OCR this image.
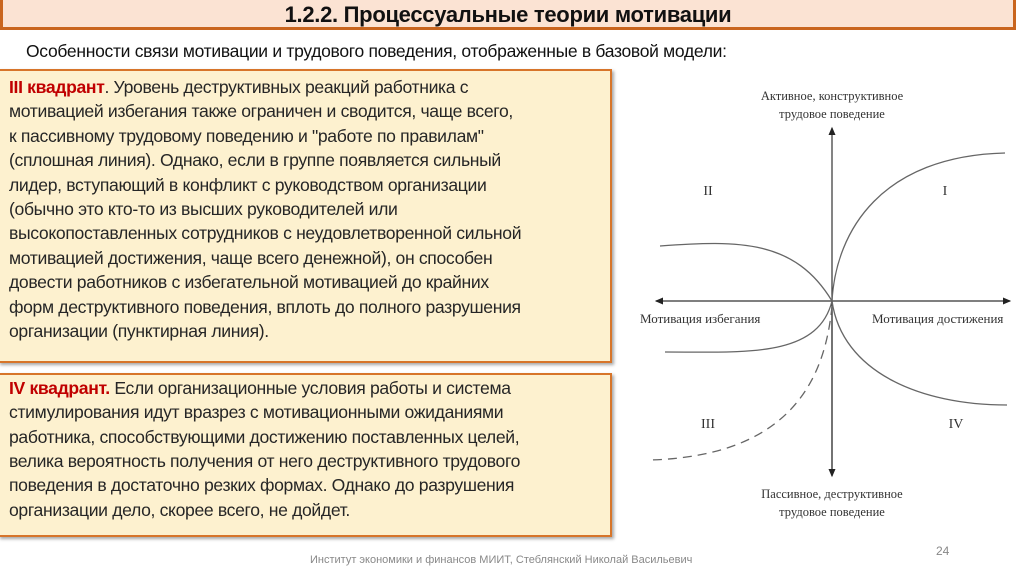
1.2.2. Процессуальные теории мотивации
Особенности связи мотивации и трудового поведения, отображенные в базовой модели:
III квадрант. Уровень деструктивных реакций работника с
мотивацией избегания также ограничен и сводится, чаще всего,
к пассивному трудовому поведению и "работе по правилам"
(сплошная линия). Однако, если в группе появляется сильный
лидер, вступающий в конфликт с руководством организации
(обычно это кто-то из высших руководителей или
высокопоставленных сотрудников с неудовлетворенной сильной
мотивацией достижения, чаще всего денежной), он способен
довести работников с избегательной мотивацией до крайних
форм деструктивного поведения, вплоть до полного разрушения
организации (пунктирная линия).
IV квадрант. Если организационные условия работы и система
стимулирования идут вразрез с мотивационными ожиданиями
работника, способствующими достижению поставленных целей,
велика вероятность получения от него деструктивного трудового
поведения в достаточно резких формах. Однако до разрушения
организации дело, скорее всего, не дойдет.
Активное, конструктивное
трудовое поведение
Пассивное, деструктивное
трудовое поведение
Мотивация избегания	Мотивация достижения
I
II
III	IV
Институт экономики и финансов МИИТ, Стеблянский Николай Васильевич
24
